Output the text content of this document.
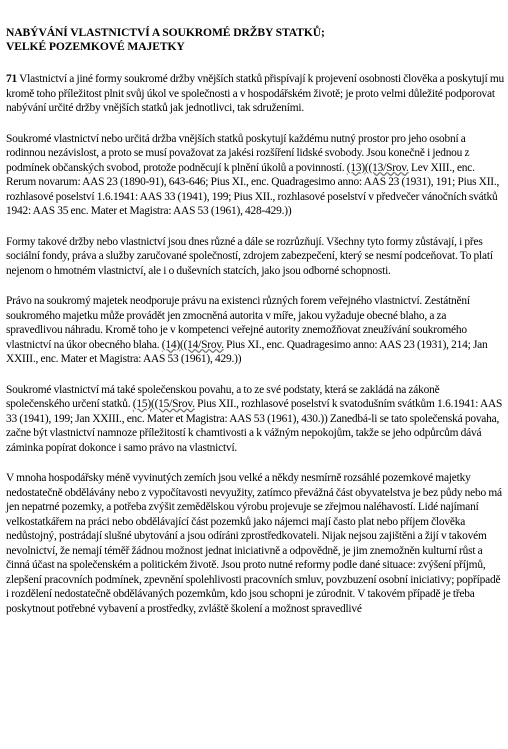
NABÝVÁNÍ VLASTNICTVÍ A SOUKROMÉ DRŽBY STATKŮ;
VELKÉ POZEMKOVÉ MAJETKY

71 Vlastnictví a jiné formy soukromé držby vnějších statků přispívají k projevení osobnosti člověka a poskytují mu kromě toho příležitost plnit svůj úkol ve společnosti a v hospodářském životě; je proto velmi důležité podporovat nabývání určité držby vnějších statků jak jednotlivci, tak sdruženími.

Soukromé vlastnictví nebo určitá držba vnějších statků poskytují každému nutný prostor pro jeho osobní a rodinnou nezávislost, a proto se musí považovat za jakési rozšíření lidské svobody. Jsou konečně i jednou z podmínek občanských svobod, protože podněcují k plnění úkolů a povinností. (13)((13/Srov. Lev XIII., enc. Rerum novarum: AAS 23 (1890-91), 643-646; Pius XI., enc. Quadragesimo anno: AAS 23 (1931), 191; Pius XII., rozhlasové poselství 1.6.1941: AAS 33 (1941), 199; Pius XII., rozhlasové poselství v předvečer vánočních svátků 1942: AAS 35 enc. Mater et Magistra: AAS 53 (1961), 428-429.))

Formy takové držby nebo vlastnictví jsou dnes různé a dále se rozrůzňují. Všechny tyto formy zůstávají, i přes sociální fondy, práva a služby zaručované společností, zdrojem zabezpečení, který se nesmí podceňovat. To platí nejenom o hmotném vlastnictví, ale i o duševních statcích, jako jsou odborné schopnosti.

Právo na soukromý majetek neodporuje právu na existenci různých forem veřejného vlastnictví. Zestátnění soukromého majetku může provádět jen zmocněná autorita v míře, jakou vyžaduje obecné blaho, a za spravedlivou náhradu. Kromě toho je v kompetenci veřejné autority znemožňovat zneužívání soukromého vlastnictví na úkor obecného blaha. (14)((14/Srov. Pius XI., enc. Quadragesimo anno: AAS 23 (1931), 214; Jan XXIII., enc. Mater et Magistra: AAS 53 (1961), 429.))

Soukromé vlastnictví má také společenskou povahu, a to ze své podstaty, která se zakládá na zákoně společenského určení statků. (15)((15/Srov. Pius XII., rozhlasové poselství k svatodušním svátkům 1.6.1941: AAS 33 (1941), 199; Jan XXIII., enc. Mater et Magistra: AAS 53 (1961), 430.)) Zanedbá-li se tato společenská povaha, začne být vlastnictví namnoze příležitostí k chamtivosti a k vážným nepokojům, takže se jeho odpůrcům dává záminka popírat dokonce i samo právo na vlastnictví.

V mnoha hospodářsky méně vyvinutých zemích jsou velké a někdy nesmírně rozsáhlé pozemkové majetky nedostatečně obdělávány nebo z vypočítavosti nevyužity, zatímco převážná část obyvatelstva je bez půdy nebo má jen nepatrné pozemky, a potřeba zvýšit zemědělskou výrobu projevuje se zřejmou naléhavostí. Lidé najímaní velkostatkářem na práci nebo obdělávající část pozemků jako nájemci mají často plat nebo příjem člověka nedůstojný, postrádají slušné ubytování a jsou odíráni zprostředkovateli. Nijak nejsou zajištěni a žijí v takovém nevolnictví, že nemají téměř žádnou možnost jednat iniciativně a odpovědně, je jim znemožněn kulturní růst a činná účast na společenském a politickém životě. Jsou proto nutné reformy podle dané situace: zvýšení příjmů, zlepšení pracovních podmínek, zpevnění spolehlivosti pracovních smluv, povzbuzení osobní iniciativy; popřípadě i rozdělení nedostatečně obdělávaných pozemkům, kdo jsou schopni je zúrodnit. V takovém případě je třeba poskytnout potřebné vybavení a prostředky, zvláště školení a možnost spravedlivé
